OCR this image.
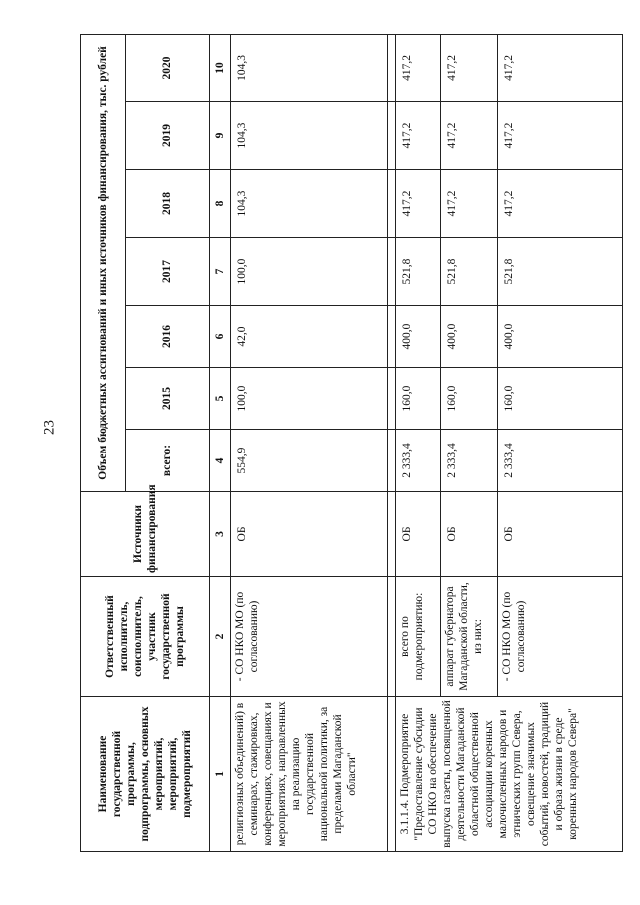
23
Наименование государственной программы, подпрограммы, основных мероприятий, мероприятий, подмероприятий	Ответственный исполнитель, соисполнитель, участник государственной программы	Источники финансирования	Объем бюджетных ассигнований и иных источников финансирования, тыс. рублей						
			всего:	2015	2016	2017	2018	2019	2020
1	2	3	4	5	6	7	8	9	10
религиозных объединений) в семинарах, стажировках, конференциях, совещаниях и мероприятиях, направленных на реализацию государственной национальной политики, за пределами Магаданской области"	- СО НКО МО (по согласованию)	ОБ	554,9	100,0	42,0	100,0	104,3	104,3	104,3

3.1.1.4. Подмероприятие "Предоставление субсидии СО НКО на обеспечение выпуска газеты, посвященной деятельности Магаданской областной общественной ассоциации коренных малочисленных народов и этнических групп Севера, освещение значимых событий, новостей, традиций и образа жизни в среде коренных народов Севера"	всего по подмероприятию:	ОБ	2 333,4	160,0	400,0	521,8	417,2	417,2	417,2
	аппарат губернатора Магаданской области, из них:	ОБ	2 333,4	160,0	400,0	521,8	417,2	417,2	417,2
	- СО НКО МО (по согласованию)	ОБ	2 333,4	160,0	400,0	521,8	417,2	417,2	417,2
